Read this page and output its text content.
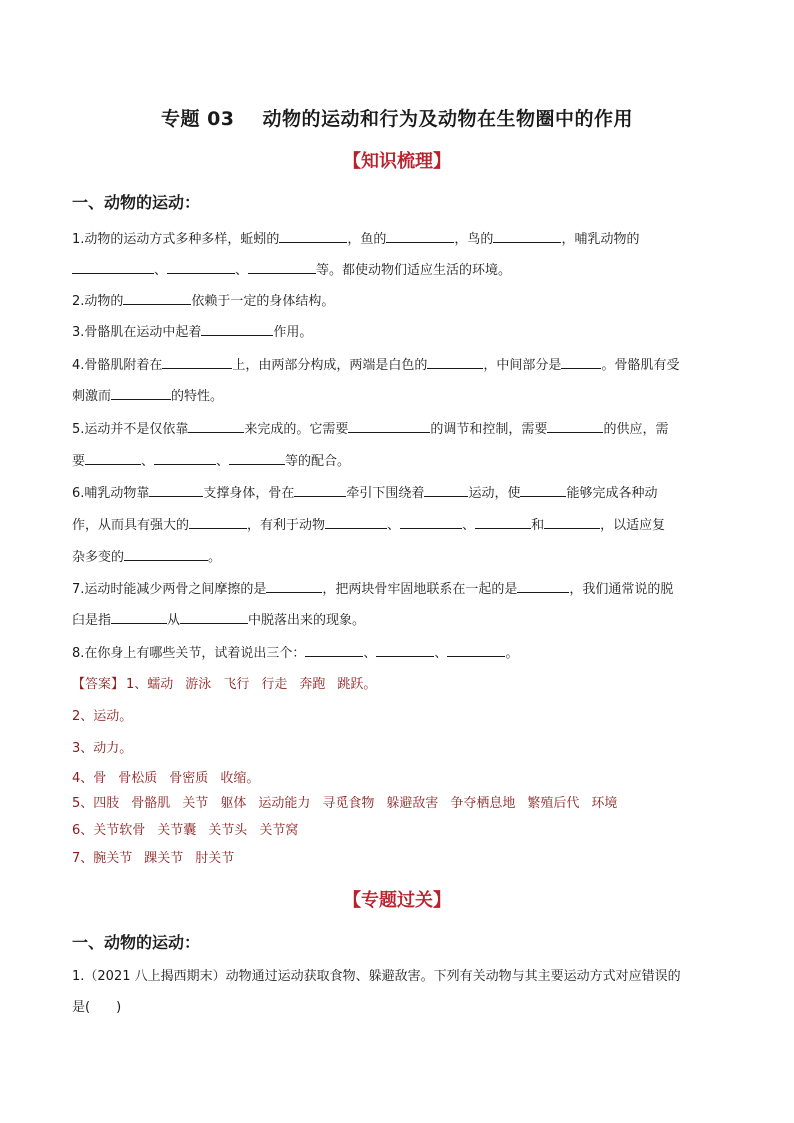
专题 03 动物的运动和行为及动物在生物圈中的作用
【知识梳理】
一、动物的运动：
1.动物的运动方式多种多样，蚯蚓的	，鱼的	，鸟的	，哺乳动物的
、	、	等。都使动物们适应生活的环境。
2.动物的	依赖于一定的身体结构。
3.骨骼肌在运动中起着	作用。
4.骨骼肌附着在	上，由两部分构成，两端是白色的	，中间部分是	。骨骼肌有受
刺激而	的特性。
5.运动并不是仅依靠	来完成的。它需要	的调节和控制，需要	的供应，需
要	、	、	等的配合。
6.哺乳动物靠	支撑身体，骨在	牵引下围绕着	运动，使	能够完成各种动
作，从而具有强大的	，有利于动物	、	、	和	，以适应复
杂多变的	。
7.运动时能减少两骨之间摩擦的是	，把两块骨牢固地联系在一起的是	，我们通常说的脱
臼是指	从	中脱落出来的现象。
8.在你身上有哪些关节，试着说出三个：	、	、	。
【答案】 1、蠕动 游泳 飞行 行走 奔跑 跳跃。
2、运动。
3、动力。
4、骨 骨松质 骨密质 收缩。
5、四肢 骨骼肌 关节 躯体 运动能力 寻觅食物 躲避敌害 争夺栖息地 繁殖后代 环境
6、关节软骨 关节囊 关节头 关节窝
7、腕关节 踝关节 肘关节
【专题过关】
一、动物的运动：
1.（2021 八上揭西期末）动物通过运动获取食物、躲避敌害。下列有关动物与其主要运动方式对应错误的
是(　　)
